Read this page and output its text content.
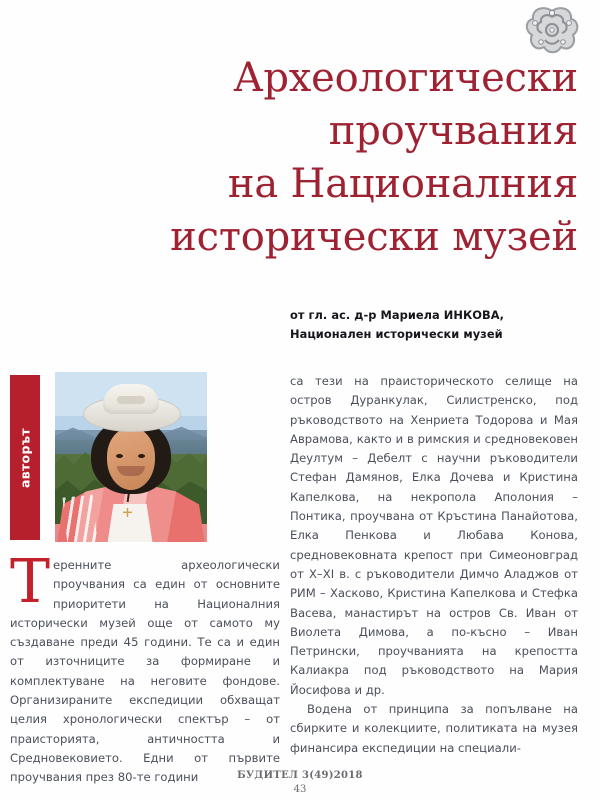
Археологически
проучвания
на Националния
исторически музей
от гл. ас. д-р Мариела ИНКОВА,
Национален исторически музей
авторът

Теренните археологически проучвания са един от основните приоритети на Националния исторически музей още от самото му създаване преди 45 години. Те са и един от източниците за формиране и комплектуване на неговите фондове. Организираните експедиции обхващат целия хронологически спектър – от праисторията, античността и Средновековието. Едни от първите проучвания през 80-те години

са тези на праисторическото селище на остров Дуранкулак, Силистренско, под ръководството на Хенриета Тодорова и Мая Аврамова, както и в римския и средновековен Деултум – Дебелт с научни ръководители Стефан Дамянов, Елка Дочева и Кристина Капелкова, на некропола Аполония – Понтика, проучвана от Кръстина Панайотова, Елка Пенкова и Любава Конова, средновековната крепост при Симеоновград от X–XI в. с ръководители Димчо Аладжов от РИМ – Хасково, Кристина Капелкова и Стефка Васева, манастирът на остров Св. Иван от Виолета Димова, а по-късно – Иван Петрински, проучванията на крепостта Калиакра под ръководството на Мария Йосифова и др.

Водена от принципа за попълване на сбирките и колекциите, политиката на музея финансира експедиции на специали-

БУДИТЕЛ 3(49)2018
43
